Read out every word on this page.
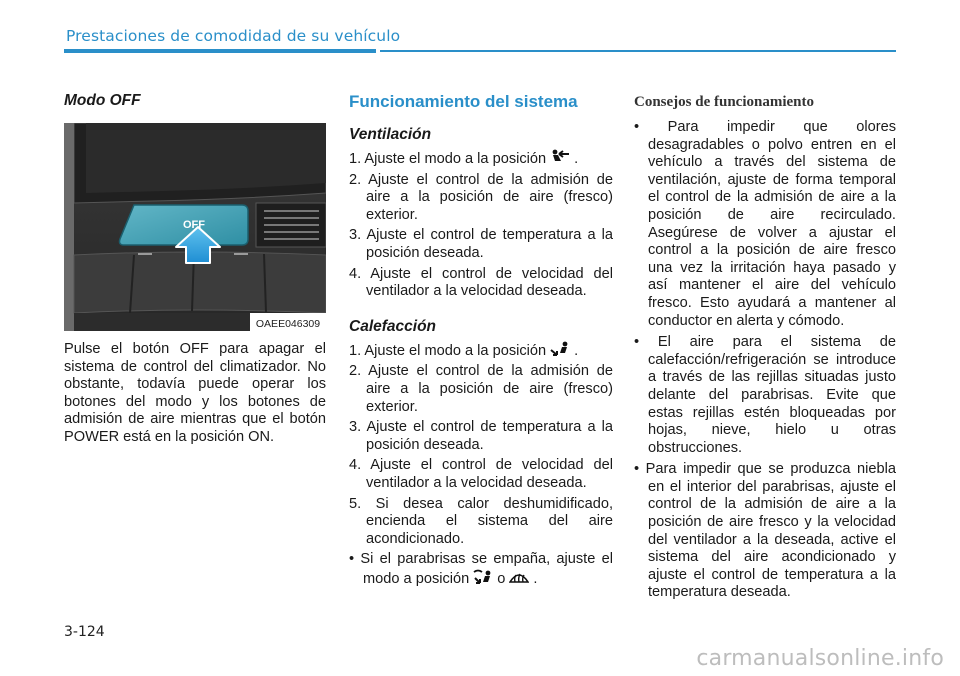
Prestaciones de comodidad de su vehículo
Modo OFF
OFF
OAEE046309

Pulse el botón OFF para apagar el sistema de control del climatizador. No obstante, todavía puede operar los botones del modo y los botones de admisión de aire mientras que el botón POWER está en la posición ON.

Funcionamiento del sistema
Ventilación

1. Ajuste el modo a la posición .

2. Ajuste el control de la admisión de aire a la posición de aire (fresco) exterior.

3. Ajuste el control de temperatura a la posición deseada.

4. Ajuste el control de velocidad del ventilador a la velocidad deseada.

Calefacción

1. Ajuste el modo a la posición .

2. Ajuste el control de la admisión de aire a la posición de aire (fresco) exterior.

3. Ajuste el control de temperatura a la posición deseada.

4. Ajuste el control de velocidad del ventilador a la velocidad deseada.

5. Si desea calor deshumidificado, encienda el sistema del aire acondicionado.

• Si el parabrisas se empaña, ajuste el modo a posición o .

Consejos de funcionamiento

• Para impedir que olores desagradables o polvo entren en el vehículo a través del sistema de ventilación, ajuste de forma temporal el control de la admisión de aire a la posición de aire recirculado. Asegúrese de volver a ajustar el control a la posición de aire fresco una vez la irritación haya pasado y así mantener el aire del vehículo fresco. Esto ayudará a mantener al conductor en alerta y cómodo.

• El aire para el sistema de calefacción/refrigeración se introduce a través de las rejillas situadas justo delante del parabrisas. Evite que estas rejillas estén bloqueadas por hojas, nieve, hielo u otras obstrucciones.

• Para impedir que se produzca niebla en el interior del parabrisas, ajuste el control de la admisión de aire a la posición de aire fresco y la velocidad del ventilador a la deseada, active el sistema del aire acondicionado y ajuste el control de temperatura a la temperatura deseada.

3-124
carmanualsonline.info
